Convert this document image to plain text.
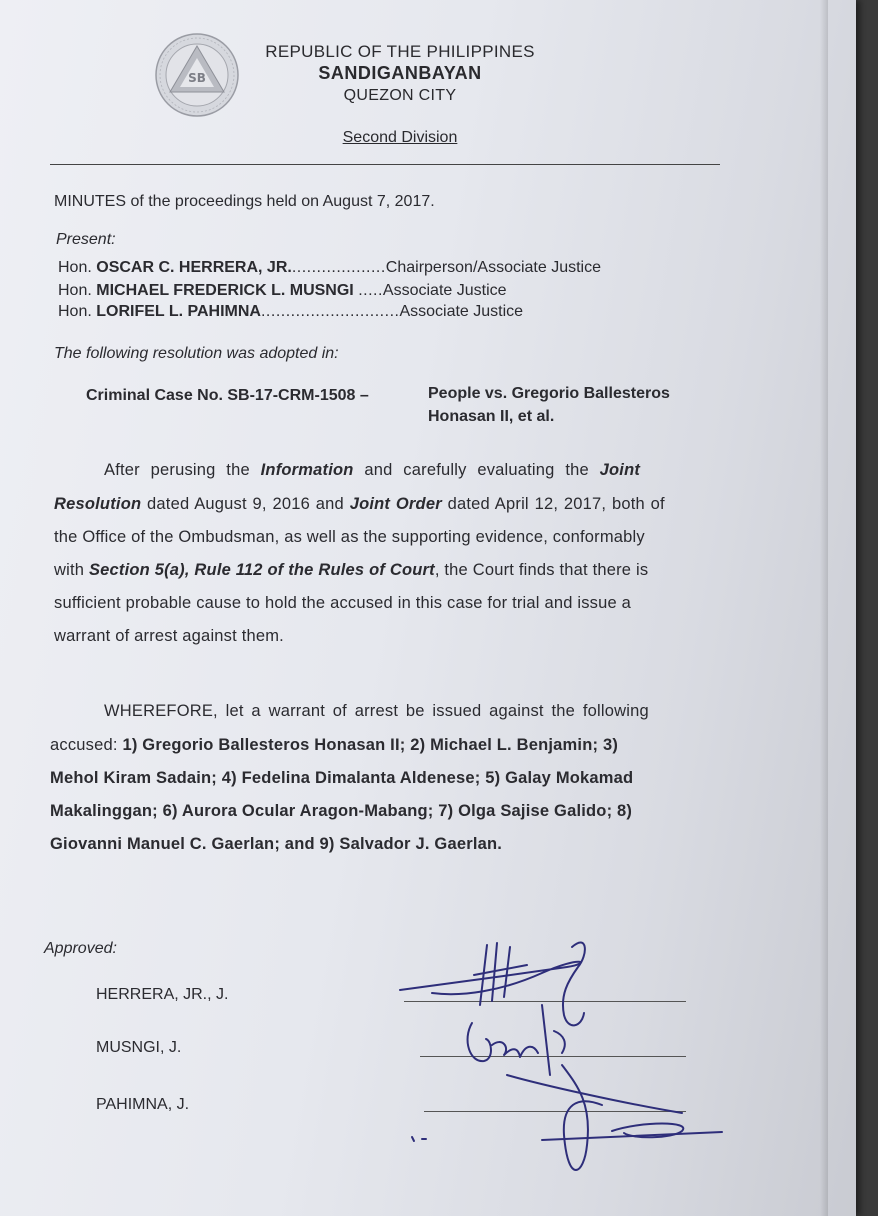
SB
REPUBLIC OF THE PHILIPPINES
SANDIGANBAYAN
QUEZON CITY
Second Division
MINUTES of the proceedings held on August 7, 2017.
Present:
Hon. OSCAR C. HERRERA, JR....................Chairperson/Associate Justice
Hon. MICHAEL FREDERICK L. MUSNGI .....Associate Justice
Hon. LORIFEL L. PAHIMNA............................Associate Justice
The following resolution was adopted in:
Criminal Case No. SB-17-CRM-1508 –	People vs. Gregorio Ballesteros
Honasan II, et al.
After perusing the Information and carefully evaluating the Joint
Resolution dated August 9, 2016 and Joint Order dated April 12, 2017, both of
the Office of the Ombudsman, as well as the supporting evidence, conformably
with Section 5(a), Rule 112 of the Rules of Court, the Court finds that there is
sufficient probable cause to hold the accused in this case for trial and issue a
warrant of arrest against them.
WHEREFORE, let a warrant of arrest be issued against the following
accused: 1) Gregorio Ballesteros Honasan II; 2) Michael L. Benjamin; 3)
Mehol Kiram Sadain; 4) Fedelina Dimalanta Aldenese; 5) Galay Mokamad
Makalinggan; 6) Aurora Ocular Aragon-Mabang; 7) Olga Sajise Galido; 8)
Giovanni Manuel C. Gaerlan; and 9) Salvador J. Gaerlan.
Approved:
HERRERA, JR., J.
MUSNGI, J.
PAHIMNA, J.
